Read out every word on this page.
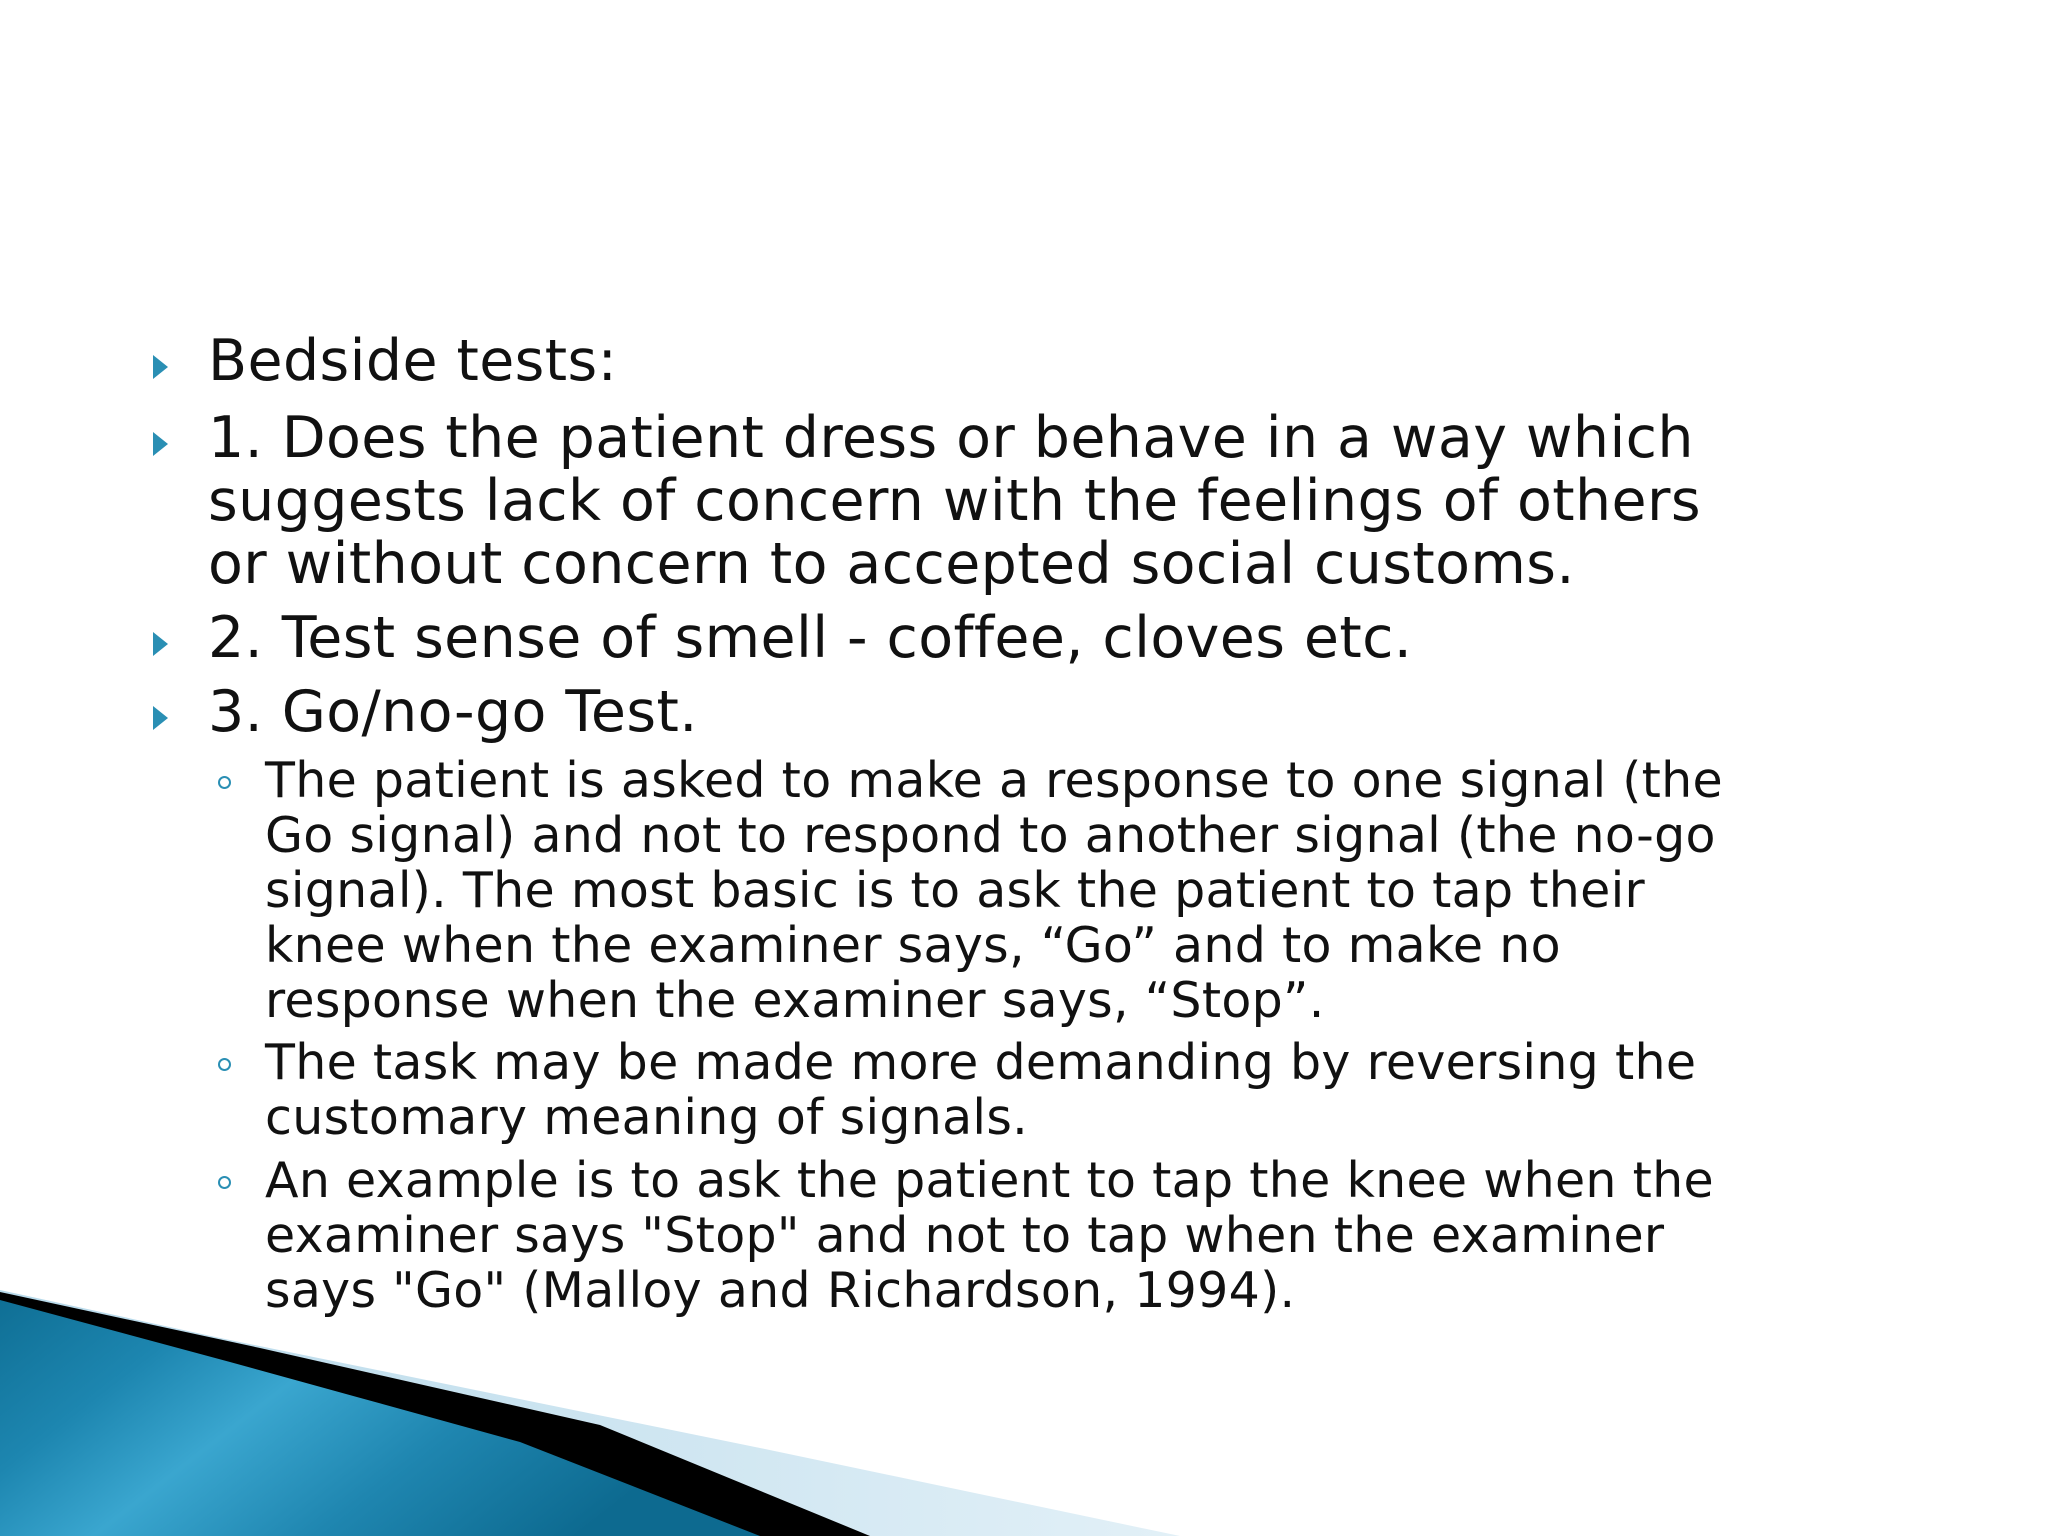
Bedside tests:
1. Does the patient dress or behave in a way which
suggests lack of concern with the feelings of others
or without concern to accepted social customs.
2. Test sense of smell - coffee, cloves etc.
3. Go/no-go Test.
The patient is asked to make a response to one signal (the
Go signal) and not to respond to another signal (the no-go
signal). The most basic is to ask the patient to tap their
knee when the examiner says, “Go” and to make no
response when the examiner says, “Stop”.
The task may be made more demanding by reversing the
customary meaning of signals.
An example is to ask the patient to tap the knee when the
examiner says "Stop" and not to tap when the examiner
says "Go" (Malloy and Richardson, 1994).
